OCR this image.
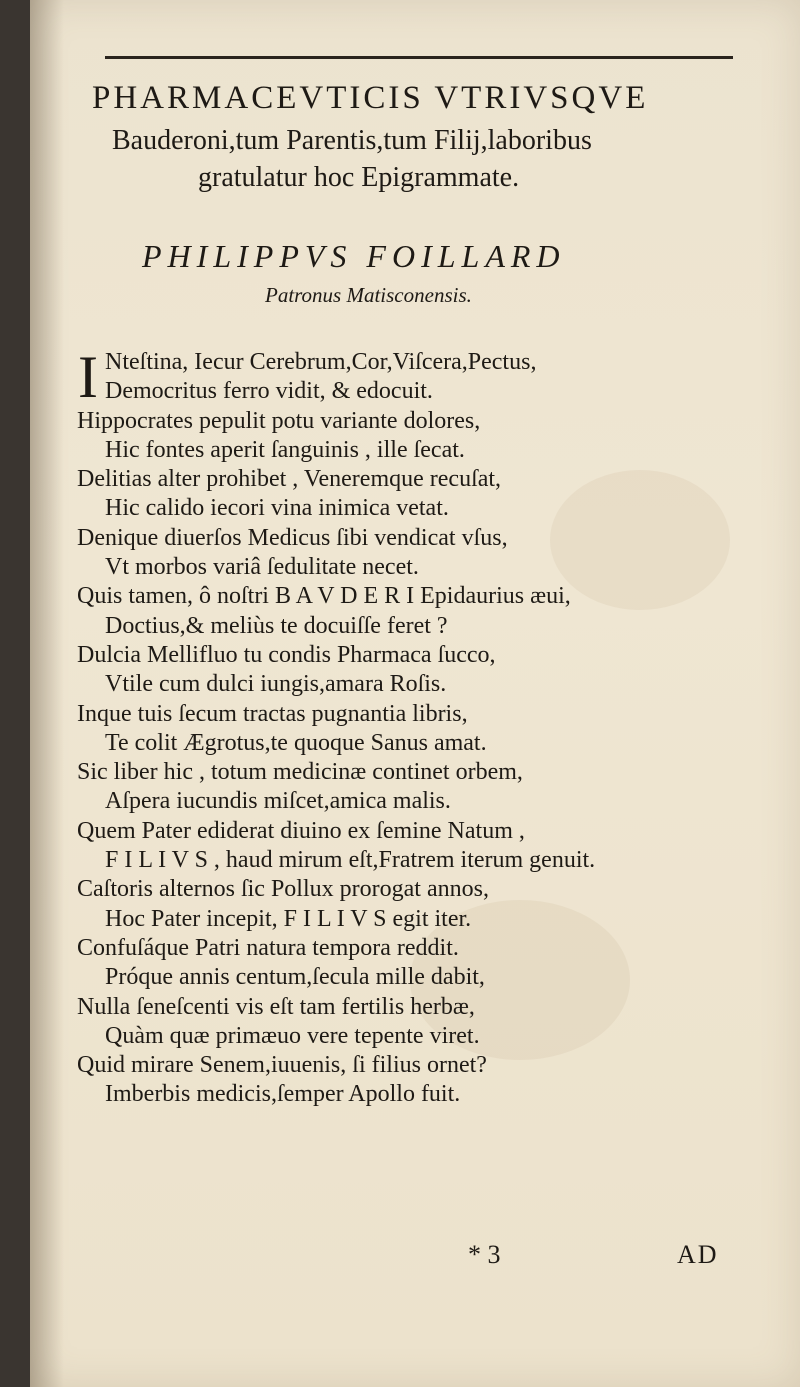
PHARMACEVTICIS VTRIVSQVE
Bauderoni,tum Parentis,tum Filij,laboribus
gratulatur hoc Epigrammate.
PHILIPPVS FOILLARD
Patronus Matisconensis.
I Nteſtina, Iecur Cerebrum,Cor,Viſcera,Pectus,
Democritus ferro vidit, & edocuit.
Hippocrates pepulit potu variante dolores,
Hic fontes aperit ſanguinis , ille ſecat.
Delitias alter prohibet , Veneremque recuſat,
Hic calido iecori vina inimica vetat.
Denique diuerſos Medicus ſibi vendicat vſus,
Vt morbos variâ ſedulitate necet.
Quis tamen, ô noſtri B A V D E R I Epidaurius æui,
Doctius,& meliùs te docuiſſe feret ?
Dulcia Mellifluo tu condis Pharmaca ſucco,
Vtile cum dulci iungis,amara Roſis.
Inque tuis ſecum tractas pugnantia libris,
Te colit Ægrotus,te quoque Sanus amat.
Sic liber hic , totum medicinæ continet orbem,
Aſpera iucundis miſcet,amica malis.
Quem Pater ediderat diuino ex ſemine Natum ,
F I L I V S , haud mirum eſt,Fratrem iterum genuit.
Caſtoris alternos ſic Pollux prorogat annos,
Hoc Pater incepit, F I L I V S egit iter.
Confuſáque Patri natura tempora reddit.
Próque annis centum,ſecula mille dabit,
Nulla ſeneſcenti vis eſt tam fertilis herbæ,
Quàm quæ primæuo vere tepente viret.
Quid mirare Senem,iuuenis, ſi filius ornet?
Imberbis medicis,ſemper Apollo fuit.
* 3	AD
